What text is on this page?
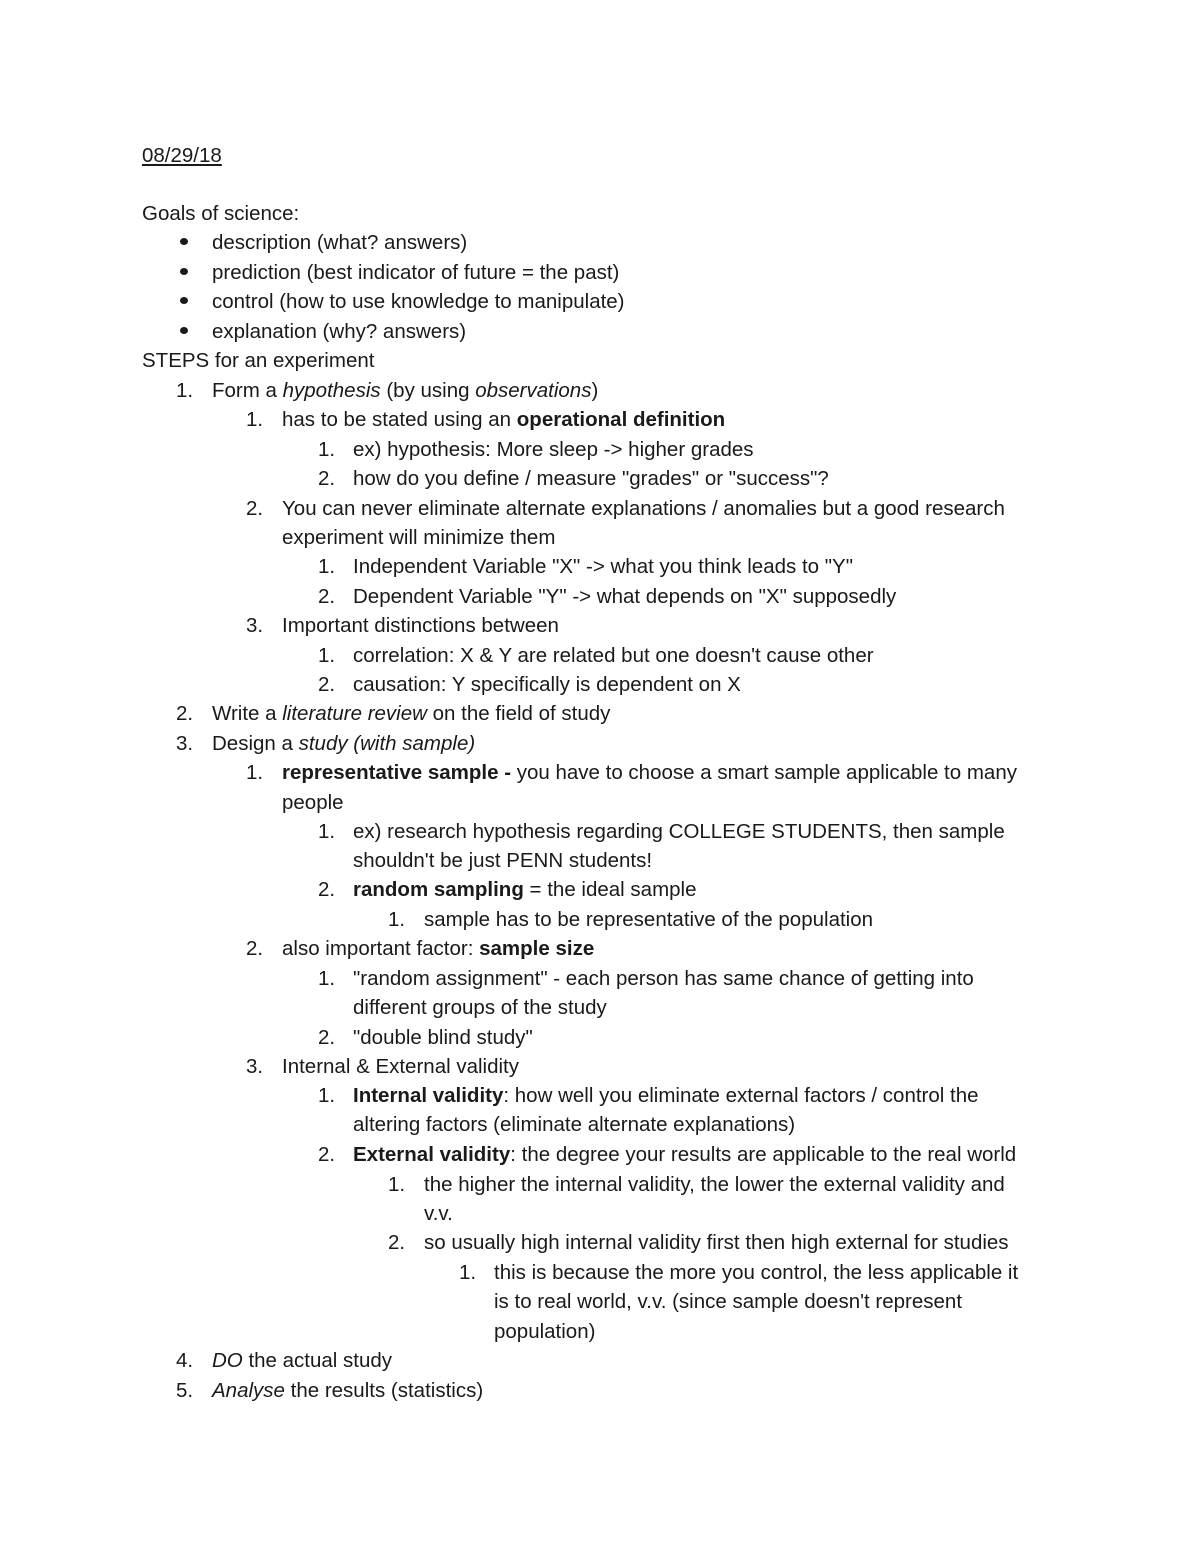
08/29/18
Goals of science:
description (what? answers)
prediction (best indicator of future = the past)
control (how to use knowledge to manipulate)
explanation (why? answers)
STEPS for an experiment
1. Form a hypothesis (by using observations)
1. has to be stated using an operational definition
1. ex) hypothesis: More sleep -> higher grades
2. how do you define / measure "grades" or "success"?
2. You can never eliminate alternate explanations / anomalies but a good research
experiment will minimize them
1. Independent Variable "X" -> what you think leads to "Y"
2. Dependent Variable "Y" -> what depends on "X" supposedly
3. Important distinctions between
1. correlation: X & Y are related but one doesn't cause other
2. causation: Y specifically is dependent on X
2. Write a literature review on the field of study
3. Design a study (with sample)
1. representative sample - you have to choose a smart sample applicable to many
people
1. ex) research hypothesis regarding COLLEGE STUDENTS, then sample
shouldn't be just PENN students!
2. random sampling = the ideal sample
1. sample has to be representative of the population
2. also important factor: sample size
1. "random assignment" - each person has same chance of getting into
different groups of the study
2. "double blind study"
3. Internal & External validity
1. Internal validity: how well you eliminate external factors / control the
altering factors (eliminate alternate explanations)
2. External validity: the degree your results are applicable to the real world
1. the higher the internal validity, the lower the external validity and
v.v.
2. so usually high internal validity first then high external for studies
1. this is because the more you control, the less applicable it
is to real world, v.v. (since sample doesn't represent
population)
4. DO the actual study
5. Analyse the results (statistics)
